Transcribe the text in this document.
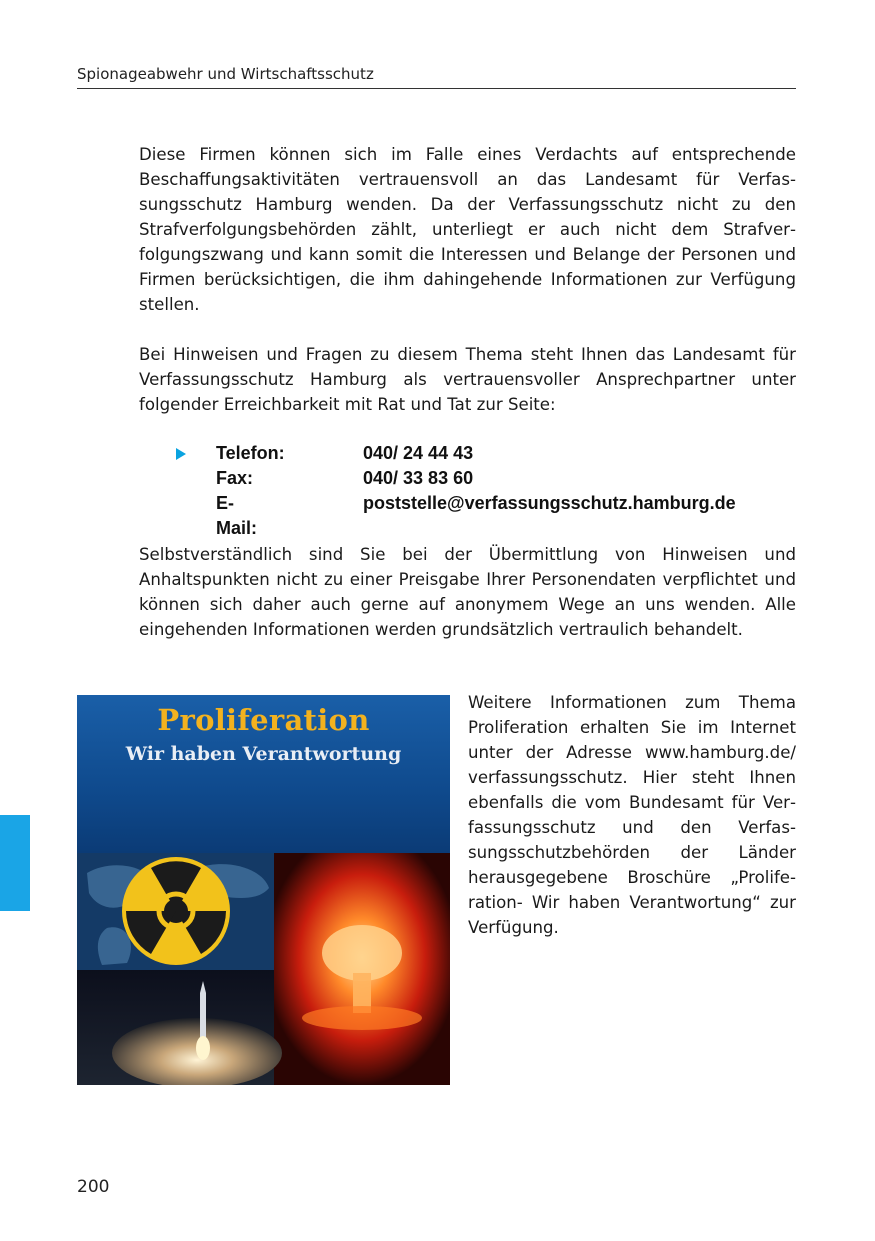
Spionageabwehr und Wirtschaftsschutz

Diese Firmen können sich im Falle eines Verdachts auf entsprechende Beschaffungsaktivitäten vertrauensvoll an das Landesamt für Verfassungsschutz Hamburg wenden. Da der Verfassungsschutz nicht zu den Strafverfolgungsbehörden zählt, unterliegt er auch nicht dem Strafverfolgungszwang und kann somit die Interessen und Belange der Personen und Firmen berücksichtigen, die ihm dahingehende Informationen zur Verfügung stellen.

Bei Hinweisen und Fragen zu diesem Thema steht Ihnen das Landesamt für Verfassungsschutz Hamburg als vertrauensvoller Ansprechpartner unter folgender Erreichbarkeit mit Rat und Tat zur Seite:

Telefon:	040/ 24 44 43
Fax:	040/ 33 83 60
E-Mail:
poststelle@verfassungsschutz.hamburg.de

Selbstverständlich sind Sie bei der Übermittlung von Hinweisen und Anhaltspunkten nicht zu einer Preisgabe Ihrer Personendaten verpflichtet und können sich daher auch gerne auf anonymem Wege an uns wenden. Alle eingehenden Informationen werden grundsätzlich vertraulich behandelt.

Proliferation
Wir haben Verantwortung

Weitere Informationen zum Thema Proliferation erhalten Sie im Internet unter der Adresse www.hamburg.de/ verfassungsschutz. Hier steht Ihnen ebenfalls die vom Bundesamt für Verfassungsschutz und den Verfassungsschutzbehörden der Länder herausgegebene Broschüre „Proliferation- Wir haben Verantwortung“ zur Verfügung.

200
